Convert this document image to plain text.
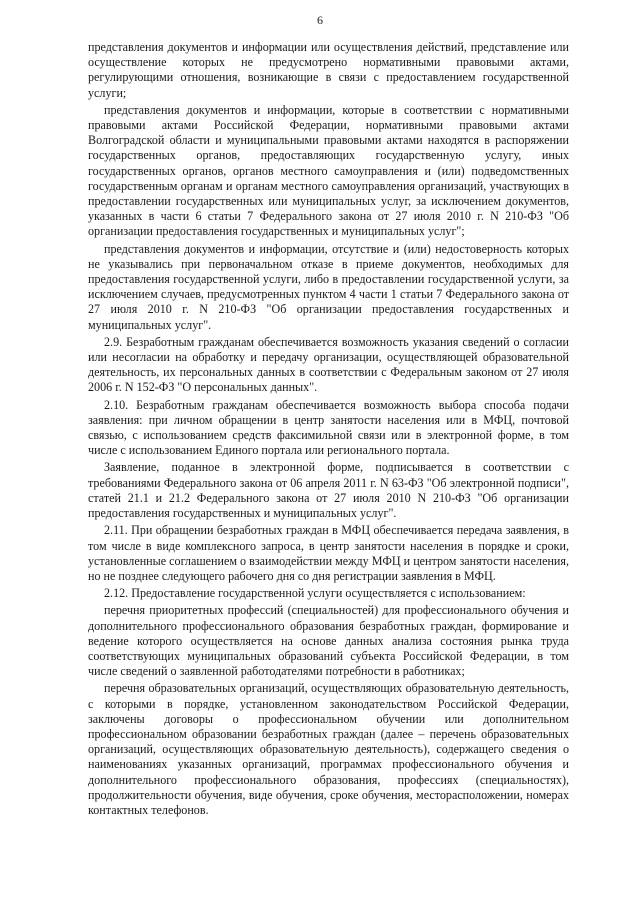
6

представления документов и информации или осуществления действий, представление или осуществление которых не предусмотрено нормативными правовыми актами, регулирующими отношения, возникающие в связи с предоставлением государственной услуги;

представления документов и информации, которые в соответствии с нормативными правовыми актами Российской Федерации, нормативными правовыми актами Волгоградской области и муниципальными правовыми актами находятся в распоряжении государственных органов, предоставляющих государственную услугу, иных государственных органов, органов местного самоуправления и (или) подведомственных государственным органам и органам местного самоуправления организаций, участвующих в предоставлении государственных или муниципальных услуг, за исключением документов, указанных в части 6 статьи 7 Федерального закона от 27 июля 2010 г. N 210-ФЗ "Об организации предоставления государственных и муниципальных услуг";

представления документов и информации, отсутствие и (или) недостоверность которых не указывались при первоначальном отказе в приеме документов, необходимых для предоставления государственной услуги, либо в предоставлении государственной услуги, за исключением случаев, предусмотренных пунктом 4 части 1 статьи 7 Федерального закона от 27 июля 2010 г. N 210-ФЗ "Об организации предоставления государственных и муниципальных услуг".

2.9. Безработным гражданам обеспечивается возможность указания сведений о согласии или несогласии на обработку и передачу организации, осуществляющей образовательной деятельность, их персональных данных в соответствии с Федеральным законом от 27 июля 2006 г. N 152-ФЗ "О персональных данных".

2.10. Безработным гражданам обеспечивается возможность выбора способа подачи заявления: при личном обращении в центр занятости населения или в МФЦ, почтовой связью, с использованием средств факсимильной связи или в электронной форме, в том числе с использованием Единого портала или регионального портала.

Заявление, поданное в электронной форме, подписывается в соответствии с требованиями Федерального закона от 06 апреля 2011 г. N 63-ФЗ "Об электронной подписи", статей 21.1 и 21.2 Федерального закона от 27 июля 2010 N 210-ФЗ "Об организации предоставления государственных и муниципальных услуг".

2.11. При обращении безработных граждан в МФЦ обеспечивается передача заявления, в том числе в виде комплексного запроса, в центр занятости населения в порядке и сроки, установленные соглашением о взаимодействии между МФЦ и центром занятости населения, но не позднее следующего рабочего дня со дня регистрации заявления в МФЦ.

2.12. Предоставление государственной услуги осуществляется с использованием:

перечня приоритетных профессий (специальностей) для профессионального обучения и дополнительного профессионального образования безработных граждан, формирование и ведение которого осуществляется на основе данных анализа состояния рынка труда соответствующих муниципальных образований субъекта Российской Федерации, в том числе сведений о заявленной работодателями потребности в работниках;

перечня образовательных организаций, осуществляющих образовательную деятельность, с которыми в порядке, установленном законодательством Российской Федерации, заключены договоры о профессиональном обучении или дополнительном профессиональном образовании безработных граждан (далее – перечень образовательных организаций, осуществляющих образовательную деятельность), содержащего сведения о наименованиях указанных организаций, программах профессионального обучения и дополнительного профессионального образования, профессиях (специальностях), продолжительности обучения, виде обучения, сроке обучения, месторасположении, номерах контактных телефонов.
